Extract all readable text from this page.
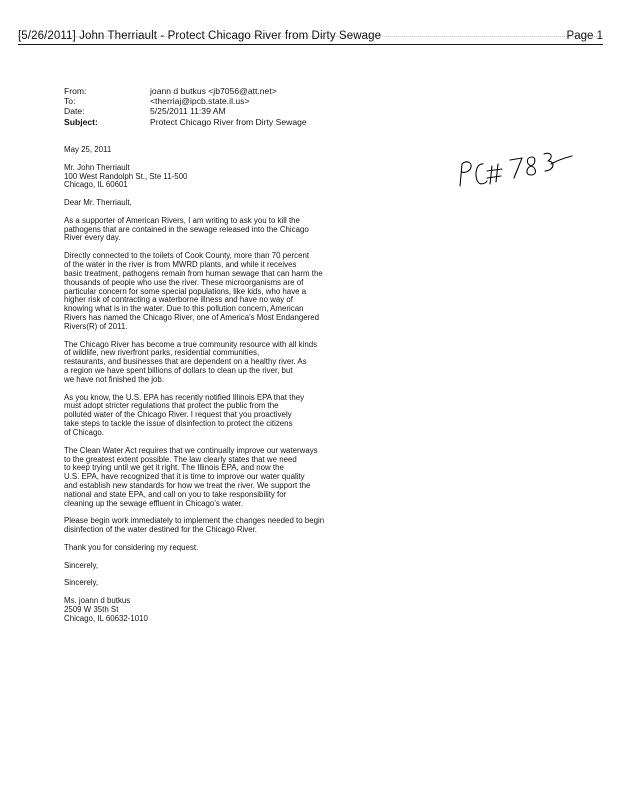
[5/26/2011] John Therriault - Protect Chicago River from Dirty Sewage	Page 1
From:	joann d butkus <jb7056@att.net>
To:	<therriaj@ipcb.state.il.us>
Date:	5/25/2011 11:39 AM
Subject:	Protect Chicago River from Dirty Sewage
May 25, 2011
Mr. John Therriault
100 West Randolph St., Ste 11-500
Chicago, IL 60601
Dear Mr. Therriault,
As a supporter of American Rivers, I am writing to ask you to kill the
pathogens that are contained in the sewage released into the Chicago
River every day.
Directly connected to the toilets of Cook County, more than 70 percent
of the water in the river is from MWRD plants, and while it receives
basic treatment, pathogens remain from human sewage that can harm the
thousands of people who use the river. These microorganisms are of
particular concern for some special populations, like kids, who have a
higher risk of contracting a waterborne illness and have no way of
knowing what is in the water. Due to this pollution concern, American
Rivers has named the Chicago River, one of America's Most Endangered
Rivers(R) of 2011.
The Chicago River has become a true community resource with all kinds
of wildlife, new riverfront parks, residential communities,
restaurants, and businesses that are dependent on a healthy river. As
a region we have spent billions of dollars to clean up the river, but
we have not finished the job.
As you know, the U.S. EPA has recently notified Illinois EPA that they
must adopt stricter regulations that protect the public from the
polluted water of the Chicago River. I request that you proactively
take steps to tackle the issue of disinfection to protect the citizens
of Chicago.
The Clean Water Act requires that we continually improve our waterways
to the greatest extent possible. The law clearly states that we need
to keep trying until we get it right. The Illinois EPA, and now the
U.S. EPA, have recognized that it is time to improve our water quality
and establish new standards for how we treat the river. We support the
national and state EPA, and call on you to take responsibility for
cleaning up the sewage effluent in Chicago's water.
Please begin work immediately to implement the changes needed to begin
disinfection of the water destined for the Chicago River.
Thank you for considering my request.
Sincerely,
Sincerely,
Ms. joann d butkus
2509 W 35th St
Chicago, IL 60632-1010
